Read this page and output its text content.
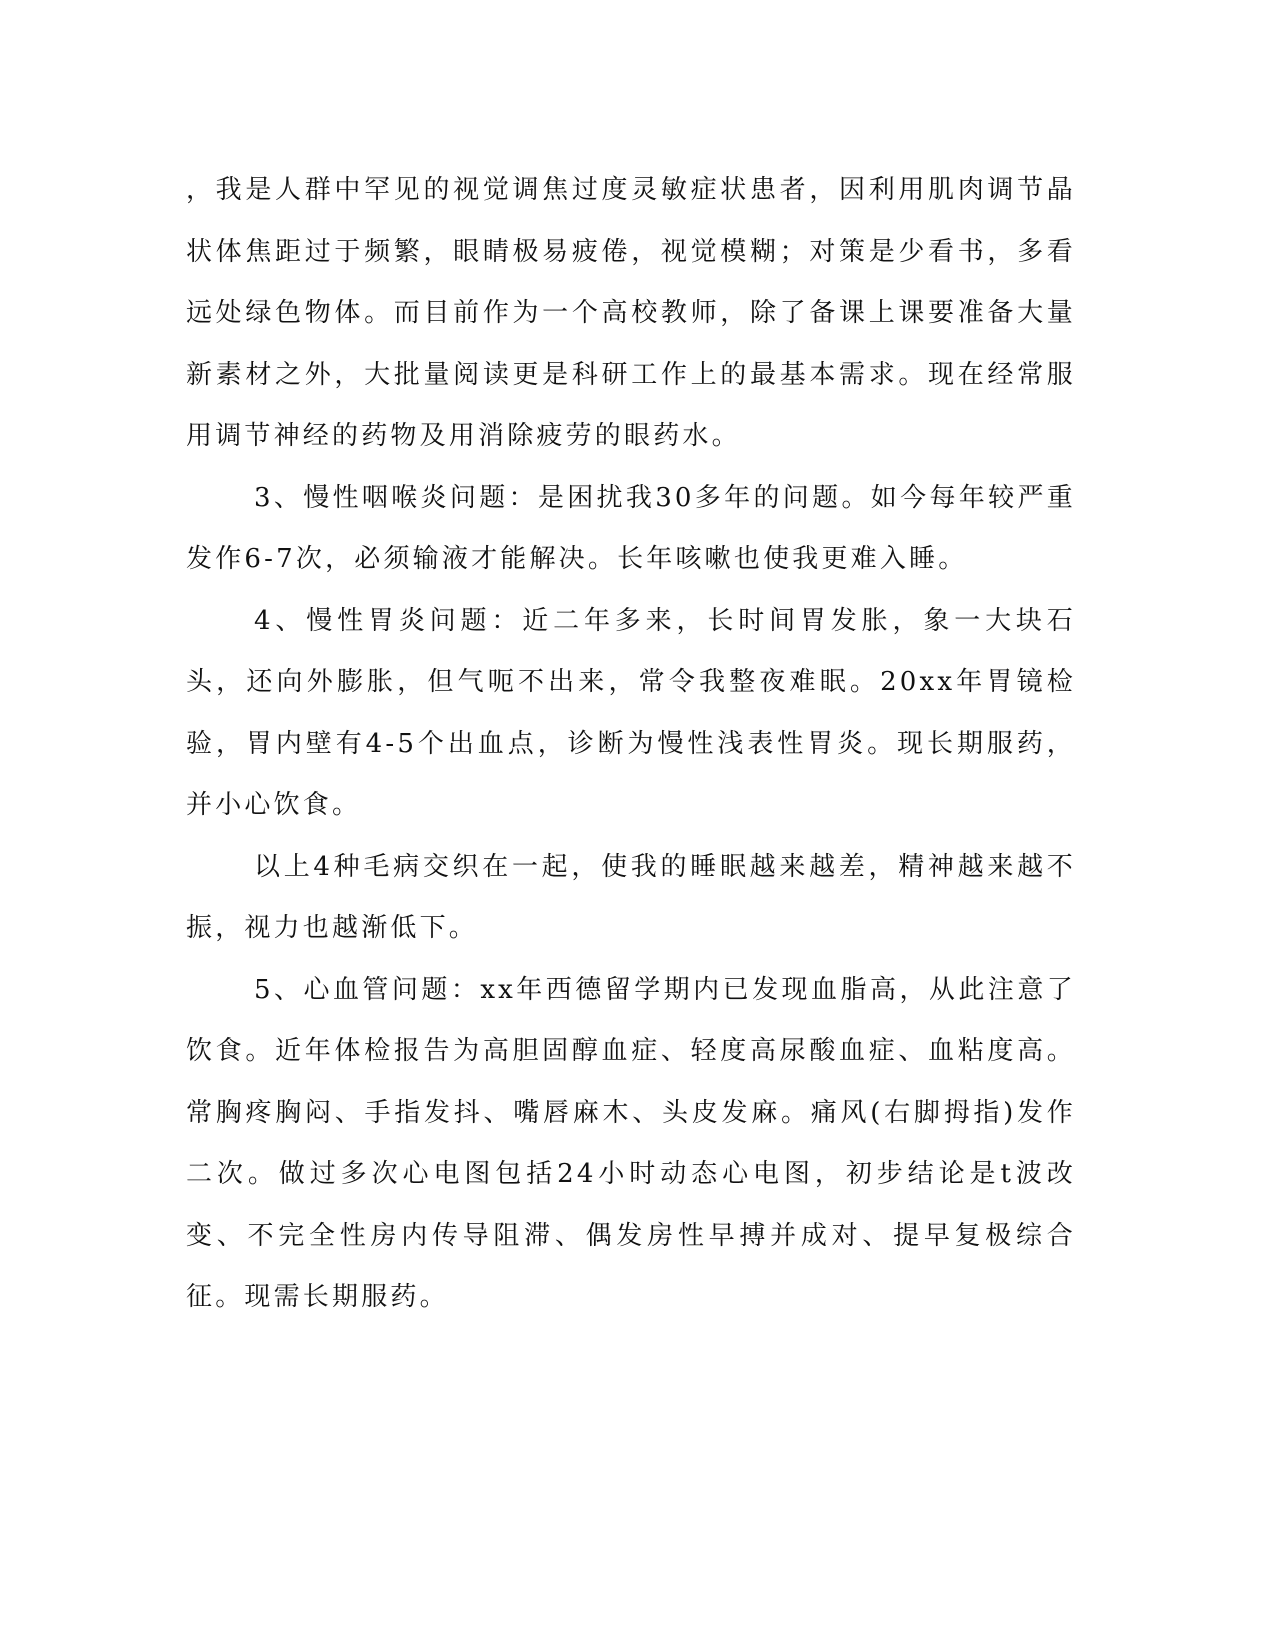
，我是人群中罕见的视觉调焦过度灵敏症状患者，因利用肌肉调节晶状体焦距过于频繁，眼睛极易疲倦，视觉模糊；对策是少看书，多看远处绿色物体。而目前作为一个高校教师，除了备课上课要准备大量新素材之外，大批量阅读更是科研工作上的最基本需求。现在经常服用调节神经的药物及用消除疲劳的眼药水。

3、慢性咽喉炎问题：是困扰我30多年的问题。如今每年较严重发作6-7次，必须输液才能解决。长年咳嗽也使我更难入睡。

4、慢性胃炎问题：近二年多来，长时间胃发胀，象一大块石头，还向外膨胀，但气呃不出来，常令我整夜难眠。20xx年胃镜检验，胃内壁有4-5个出血点，诊断为慢性浅表性胃炎。现长期服药，并小心饮食。

以上4种毛病交织在一起，使我的睡眠越来越差，精神越来越不振，视力也越渐低下。

5、心血管问题：xx年西德留学期内已发现血脂高，从此注意了饮食。近年体检报告为高胆固醇血症、轻度高尿酸血症、血粘度高。常胸疼胸闷、手指发抖、嘴唇麻木、头皮发麻。痛风(右脚拇指)发作二次。做过多次心电图包括24小时动态心电图，初步结论是t波改变、不完全性房内传导阻滞、偶发房性早搏并成对、提早复极综合征。现需长期服药。
